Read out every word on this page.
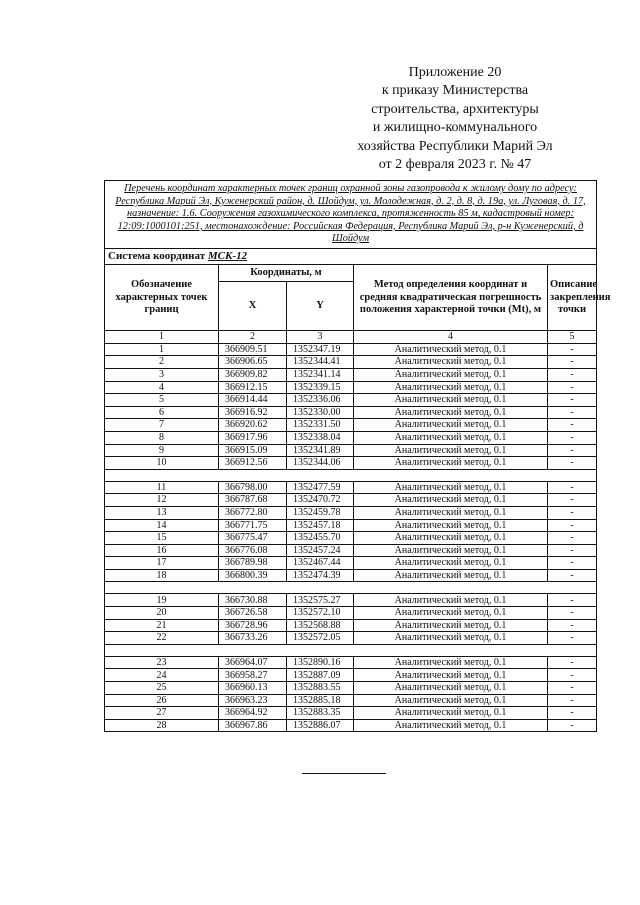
Приложение 20
к приказу Министерства
строительства, архитектуры
и жилищно-коммунального
хозяйства Республики Марий Эл
от 2 февраля 2023 г. № 47
Перечень координат характерных точек границ охранной зоны газопровода к жилому дому по адресу: Республика Марий Эл, Куженерский район, д. Шойдум, ул. Молодежная, д. 2, д. 8, д. 19а, ул. Луговая, д. 17, назначение: 1.6. Сооружения газохимического комплекса, протяженность 85 м, кадастровый номер: 12:09:1000101:251, местонахождение: Российская Федерация, Республика Марий Эл, р-н Куженерский, д Шойдум				
Система координат МСК-12				
Обозначение характерных точек границ	Координаты, м		Метод определения координат и средняя квадратическая погрешность положения характерной точки (Mt), м	Описание закрепления точки
	X	Y		
1	2	3	4	5
1	366909.51	1352347.19	Аналитический метод, 0.1	-
2	366906.65	1352344.41	Аналитический метод, 0.1	-
3	366909.82	1352341.14	Аналитический метод, 0.1	-
4	366912.15	1352339.15	Аналитический метод, 0.1	-
5	366914.44	1352336.06	Аналитический метод, 0.1	-
6	366916.92	1352330.00	Аналитический метод, 0.1	-
7	366920.62	1352331.50	Аналитический метод, 0.1	-
8	366917.96	1352338.04	Аналитический метод, 0.1	-
9	366915.09	1352341.89	Аналитический метод, 0.1	-
10	366912.56	1352344.06	Аналитический метод, 0.1	-

11	366798.00	1352477.59	Аналитический метод, 0.1	-
12	366787.68	1352470.72	Аналитический метод, 0.1	-
13	366772.80	1352459.78	Аналитический метод, 0.1	-
14	366771.75	1352457.18	Аналитический метод, 0.1	-
15	366775.47	1352455.70	Аналитический метод, 0.1	-
16	366776.08	1352457.24	Аналитический метод, 0.1	-
17	366789.98	1352467.44	Аналитический метод, 0.1	-
18	366800.39	1352474.39	Аналитический метод, 0.1	-

19	366730.88	1352575.27	Аналитический метод, 0.1	-
20	366726.58	1352572.10	Аналитический метод, 0.1	-
21	366728.96	1352568.88	Аналитический метод, 0.1	-
22	366733.26	1352572.05	Аналитический метод, 0.1	-

23	366964.07	1352890.16	Аналитический метод, 0.1	-
24	366958.27	1352887.09	Аналитический метод, 0.1	-
25	366960.13	1352883.55	Аналитический метод, 0.1	-
26	366963.23	1352885.18	Аналитический метод, 0.1	-
27	366964.92	1352883.35	Аналитический метод, 0.1	-
28	366967.86	1352886.07	Аналитический метод, 0.1	-
